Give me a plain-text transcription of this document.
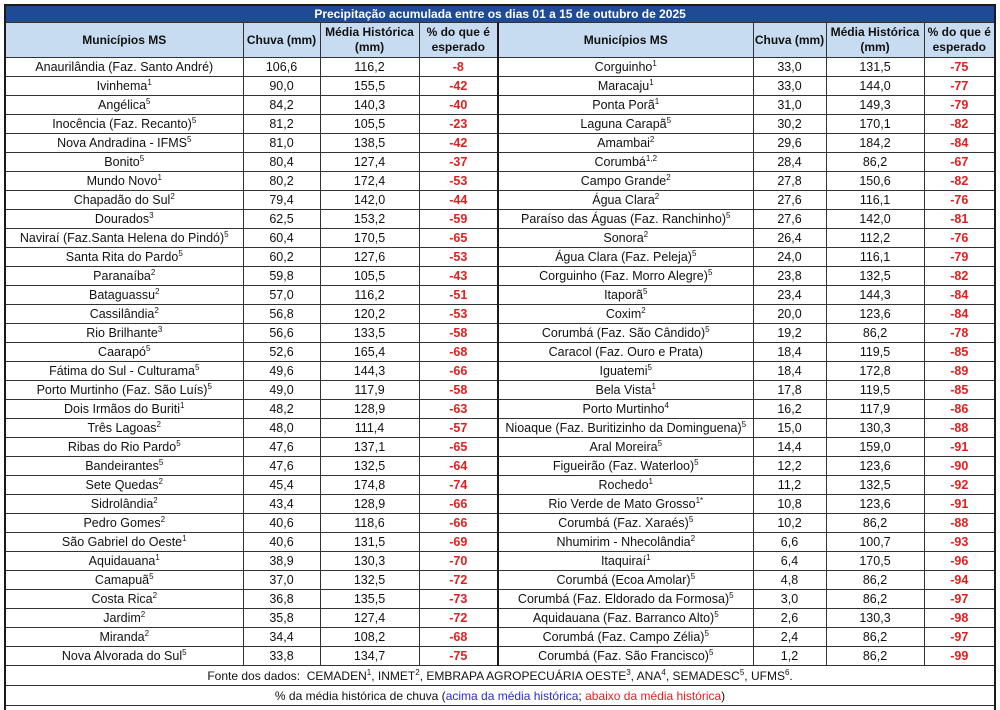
Precipitação acumulada entre os dias 01 a 15 de outubro de 2025							
Municípios MS	Chuva (mm)	Média Histórica
(mm)	% do que é
esperado	Municípios MS	Chuva (mm)	Média Histórica
(mm)	% do que é
esperado
Anaurilândia (Faz. Santo André)	106,6	116,2	-8	Corguinho$^1$	33,0	131,5	-75
Ivinhema$^1$	90,0	155,5	-42	Maracaju$^1$	33,0	144,0	-77
Angélica$^5$	84,2	140,3	-40	Ponta Porã$^1$	31,0	149,3	-79
Inocência (Faz. Recanto)$^5$	81,2	105,5	-23	Laguna Carapã$^5$	30,2	170,1	-82
Nova Andradina - IFMS$^5$	81,0	138,5	-42	Amambai$^2$	29,6	184,2	-84
Bonito$^5$	80,4	127,4	-37	Corumbá$^{1,2}$	28,4	86,2	-67
Mundo Novo$^1$	80,2	172,4	-53	Campo Grande$^2$	27,8	150,6	-82
Chapadão do Sul$^2$	79,4	142,0	-44	Água Clara$^2$	27,6	116,1	-76
Dourados$^3$	62,5	153,2	-59	Paraíso das Águas (Faz. Ranchinho)$^5$	27,6	142,0	-81
Naviraí (Faz.Santa Helena do Pindó)$^5$	60,4	170,5	-65	Sonora$^2$	26,4	112,2	-76
Santa Rita do Pardo$^5$	60,2	127,6	-53	Água Clara (Faz. Peleja)$^5$	24,0	116,1	-79
Paranaíba$^2$	59,8	105,5	-43	Corguinho (Faz. Morro Alegre)$^5$	23,8	132,5	-82
Bataguassu$^2$	57,0	116,2	-51	Itaporã$^5$	23,4	144,3	-84
Cassilândia$^2$	56,8	120,2	-53	Coxim$^2$	20,0	123,6	-84
Rio Brilhante$^3$	56,6	133,5	-58	Corumbá (Faz. São Cândido)$^5$	19,2	86,2	-78
Caarapó$^5$	52,6	165,4	-68	Caracol (Faz. Ouro e Prata)	18,4	119,5	-85
Fátima do Sul - Culturama$^5$	49,6	144,3	-66	Iguatemi$^5$	18,4	172,8	-89
Porto Murtinho (Faz. São Luís)$^5$	49,0	117,9	-58	Bela Vista$^1$	17,8	119,5	-85
Dois Irmãos do Buriti$^1$	48,2	128,9	-63	Porto Murtinho$^4$	16,2	117,9	-86
Três Lagoas$^2$	48,0	111,4	-57	Nioaque (Faz. Buritizinho da Dominguena)$^5$	15,0	130,3	-88
Ribas do Rio Pardo$^5$	47,6	137,1	-65	Aral Moreira$^5$	14,4	159,0	-91
Bandeirantes$^5$	47,6	132,5	-64	Figueirão (Faz. Waterloo)$^5$	12,2	123,6	-90
Sete Quedas$^2$	45,4	174,8	-74	Rochedo$^1$	11,2	132,5	-92
Sidrolândia$^2$	43,4	128,9	-66	Rio Verde de Mato Grosso$^{1*}$	10,8	123,6	-91
Pedro Gomes$^2$	40,6	118,6	-66	Corumbá (Faz. Xaraés)$^5$	10,2	86,2	-88
São Gabriel do Oeste$^1$	40,6	131,5	-69	Nhumirim - Nhecolândia$^2$	6,6	100,7	-93
Aquidauana$^1$	38,9	130,3	-70	Itaquiraí$^1$	6,4	170,5	-96
Camapuã$^5$	37,0	132,5	-72	Corumbá (Ecoa Amolar)$^5$	4,8	86,2	-94
Costa Rica$^2$	36,8	135,5	-73	Corumbá (Faz. Eldorado da Formosa)$^5$	3,0	86,2	-97
Jardim$^2$	35,8	127,4	-72	Aquidauana (Faz. Barranco Alto)$^5$	2,6	130,3	-98
Miranda$^2$	34,4	108,2	-68	Corumbá (Faz. Campo Zélia)$^5$	2,4	86,2	-97
Nova Alvorada do Sul$^5$	33,8	134,7	-75	Corumbá (Faz. São Francisco)$^5$	1,2	86,2	-99
Fonte dos dados: CEMADEN$^1$, INMET$^2$, EMBRAPA AGROPECUÁRIA OESTE$^3$, ANA$^4$, SEMADESC$^5$, UFMS$^6$.							
% da média histórica de chuva (acima da média histórica; abaixo da média histórica)							
